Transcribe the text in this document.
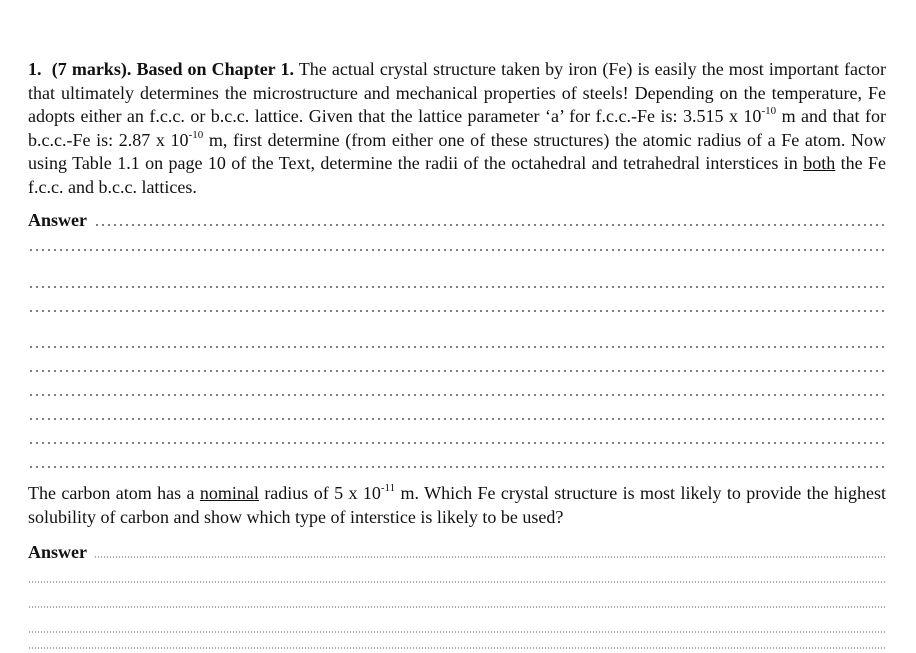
1. (7 marks). Based on Chapter 1. The actual crystal structure taken by iron (Fe) is easily the most important factor that ultimately determines the microstructure and mechanical properties of steels! Depending on the temperature, Fe adopts either an f.c.c. or b.c.c. lattice. Given that the lattice parameter ‘a’ for f.c.c.-Fe is: 3.515 x $10^{-10}$ m and that for b.c.c.-Fe is: 2.87 x $10^{-10}$ m, first determine (from either one of these structures) the atomic radius of a Fe atom. Now using Table 1.1 on page 10 of the Text, determine the radii of the octahedral and tetrahedral interstices in both the Fe f.c.c. and b.c.c. lattices.

Answer

The carbon atom has a nominal radius of 5 x $10^{-11}$ m. Which Fe crystal structure is most likely to provide the highest solubility of carbon and show which type of interstice is likely to be used?

Answer
